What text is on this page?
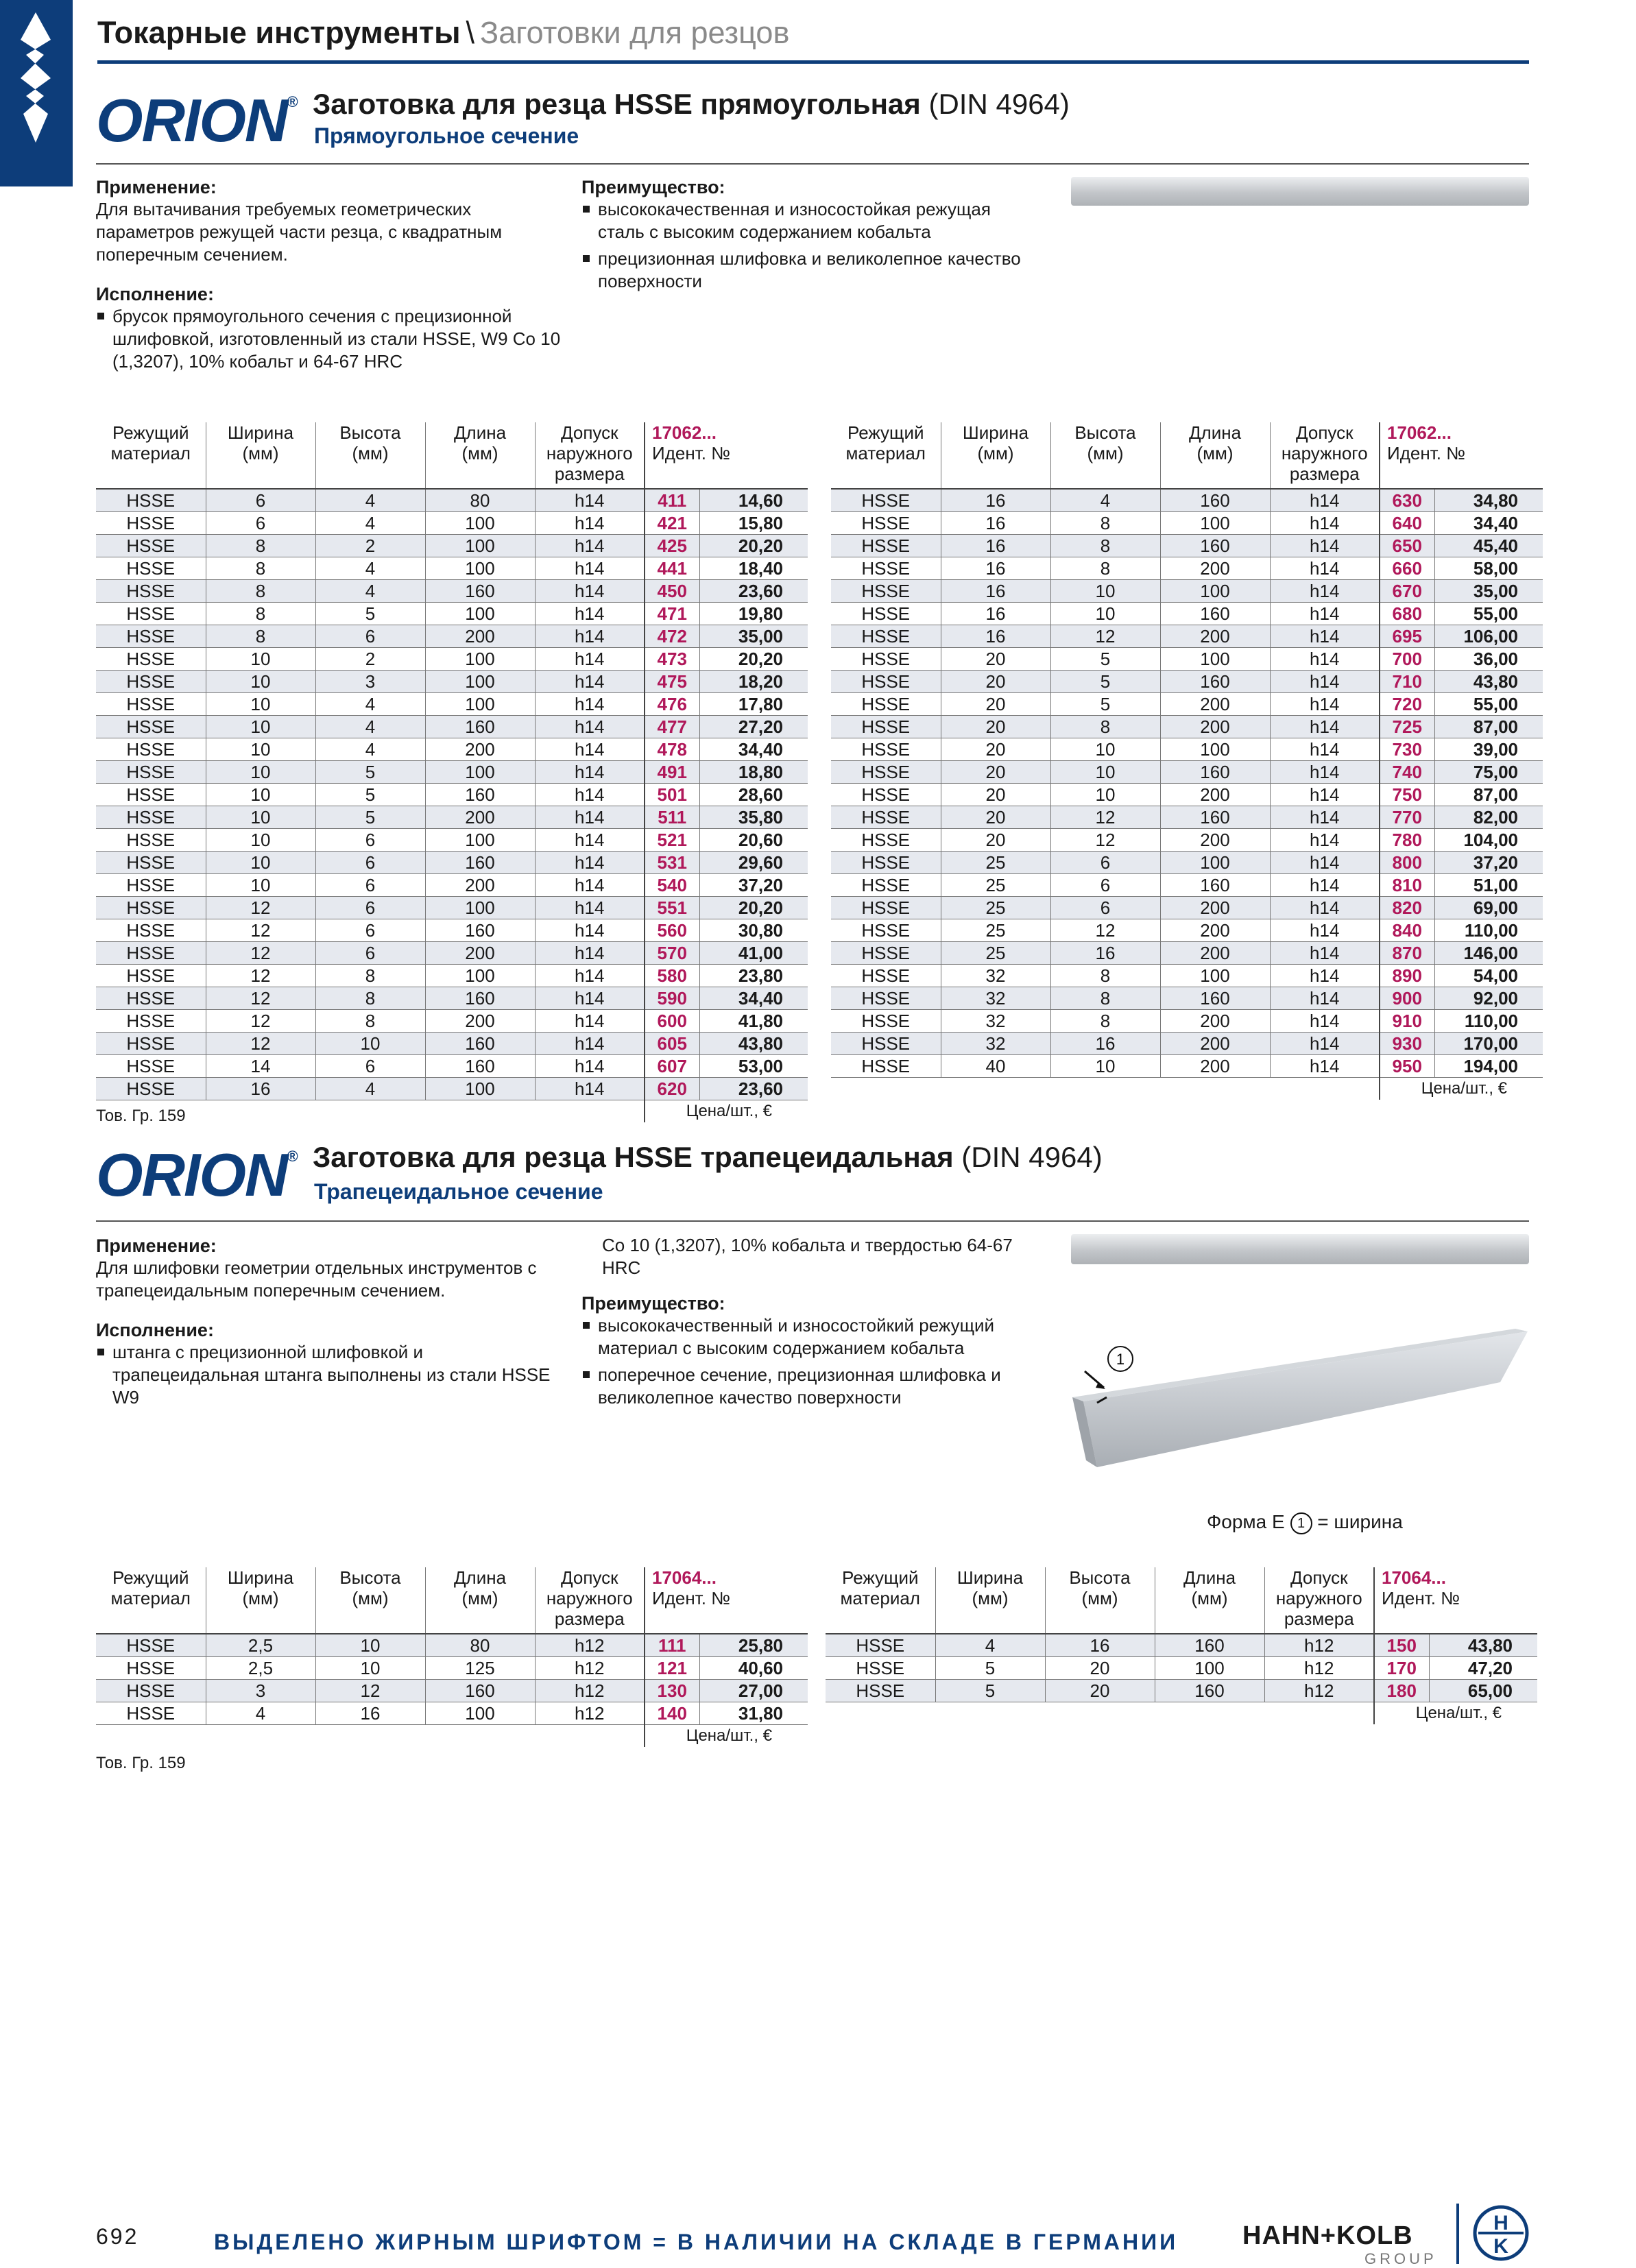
Токарные инструменты \ Заготовки для резцов
ORION® Заготовка для резца HSSE прямоугольная (DIN 4964)
Прямоугольное сечение
Применение:
Для вытачивания требуемых геометрических параметров режущей части резца, с квадратным поперечным сечением.
Исполнение:
брусок прямоугольного сечения с прецизионной шлифовкой, изготовленный из стали HSSE, W9 Co 10 (1,3207), 10% кобальт и 64-67 HRC
Преимущество:
высококачественная и износостойкая режущая сталь с высоким содержанием кобальта
прецизионная шлифовка и великолепное качество поверхности
Режущий
материал	Ширина
(мм)	Высота
(мм)	Длина
(мм)	Допуск
наружного
размера	17062...
Идент. №	
HSSE	6	4	80	h14	411	14,60
HSSE	6	4	100	h14	421	15,80
HSSE	8	2	100	h14	425	20,20
HSSE	8	4	100	h14	441	18,40
HSSE	8	4	160	h14	450	23,60
HSSE	8	5	100	h14	471	19,80
HSSE	8	6	200	h14	472	35,00
HSSE	10	2	100	h14	473	20,20
HSSE	10	3	100	h14	475	18,20
HSSE	10	4	100	h14	476	17,80
HSSE	10	4	160	h14	477	27,20
HSSE	10	4	200	h14	478	34,40
HSSE	10	5	100	h14	491	18,80
HSSE	10	5	160	h14	501	28,60
HSSE	10	5	200	h14	511	35,80
HSSE	10	6	100	h14	521	20,60
HSSE	10	6	160	h14	531	29,60
HSSE	10	6	200	h14	540	37,20
HSSE	12	6	100	h14	551	20,20
HSSE	12	6	160	h14	560	30,80
HSSE	12	6	200	h14	570	41,00
HSSE	12	8	100	h14	580	23,80
HSSE	12	8	160	h14	590	34,40
HSSE	12	8	200	h14	600	41,80
HSSE	12	10	160	h14	605	43,80
HSSE	14	6	160	h14	607	53,00
HSSE	16	4	100	h14	620	23,60
					Цена/шт., €	
Режущий
материал	Ширина
(мм)	Высота
(мм)	Длина
(мм)	Допуск
наружного
размера	17062...
Идент. №	
HSSE	16	4	160	h14	630	34,80
HSSE	16	8	100	h14	640	34,40
HSSE	16	8	160	h14	650	45,40
HSSE	16	8	200	h14	660	58,00
HSSE	16	10	100	h14	670	35,00
HSSE	16	10	160	h14	680	55,00
HSSE	16	12	200	h14	695	106,00
HSSE	20	5	100	h14	700	36,00
HSSE	20	5	160	h14	710	43,80
HSSE	20	5	200	h14	720	55,00
HSSE	20	8	200	h14	725	87,00
HSSE	20	10	100	h14	730	39,00
HSSE	20	10	160	h14	740	75,00
HSSE	20	10	200	h14	750	87,00
HSSE	20	12	160	h14	770	82,00
HSSE	20	12	200	h14	780	104,00
HSSE	25	6	100	h14	800	37,20
HSSE	25	6	160	h14	810	51,00
HSSE	25	6	200	h14	820	69,00
HSSE	25	12	200	h14	840	110,00
HSSE	25	16	200	h14	870	146,00
HSSE	32	8	100	h14	890	54,00
HSSE	32	8	160	h14	900	92,00
HSSE	32	8	200	h14	910	110,00
HSSE	32	16	200	h14	930	170,00
HSSE	40	10	200	h14	950	194,00
					Цена/шт., €	
Тов. Гр. 159
ORION® Заготовка для резца HSSE трапецеидальная (DIN 4964)
Трапецеидальное сечение
Применение:
Для шлифовки геометрии отдельных инструментов с трапецеидальным поперечным сечением.
Исполнение:
штанга с прецизионной шлифовкой и трапецеидальная штанга выполнены из стали HSSE W9
Co 10 (1,3207), 10% кобальта и твердостью 64-67 HRC
Преимущество:
высококачественный и износостойкий режущий материал с высоким содержанием кобальта
поперечное сечение, прецизионная шлифовка и великолепное качество поверхности
1
Форма Е 1 = ширина
Режущий
материал	Ширина
(мм)	Высота
(мм)	Длина
(мм)	Допуск
наружного
размера	17064...
Идент. №	
HSSE	2,5	10	80	h12	111	25,80
HSSE	2,5	10	125	h12	121	40,60
HSSE	3	12	160	h12	130	27,00
HSSE	4	16	100	h12	140	31,80
					Цена/шт., €	
Режущий
материал	Ширина
(мм)	Высота
(мм)	Длина
(мм)	Допуск
наружного
размера	17064...
Идент. №	
HSSE	4	16	160	h12	150	43,80
HSSE	5	20	100	h12	170	47,20
HSSE	5	20	160	h12	180	65,00
					Цена/шт., €	
Тов. Гр. 159
692	ВЫДЕЛЕНО ЖИРНЫМ ШРИФТОМ = В НАЛИЧИИ НА СКЛАДЕ В ГЕРМАНИИ HAHN+KOLB
GROUP
H
K
